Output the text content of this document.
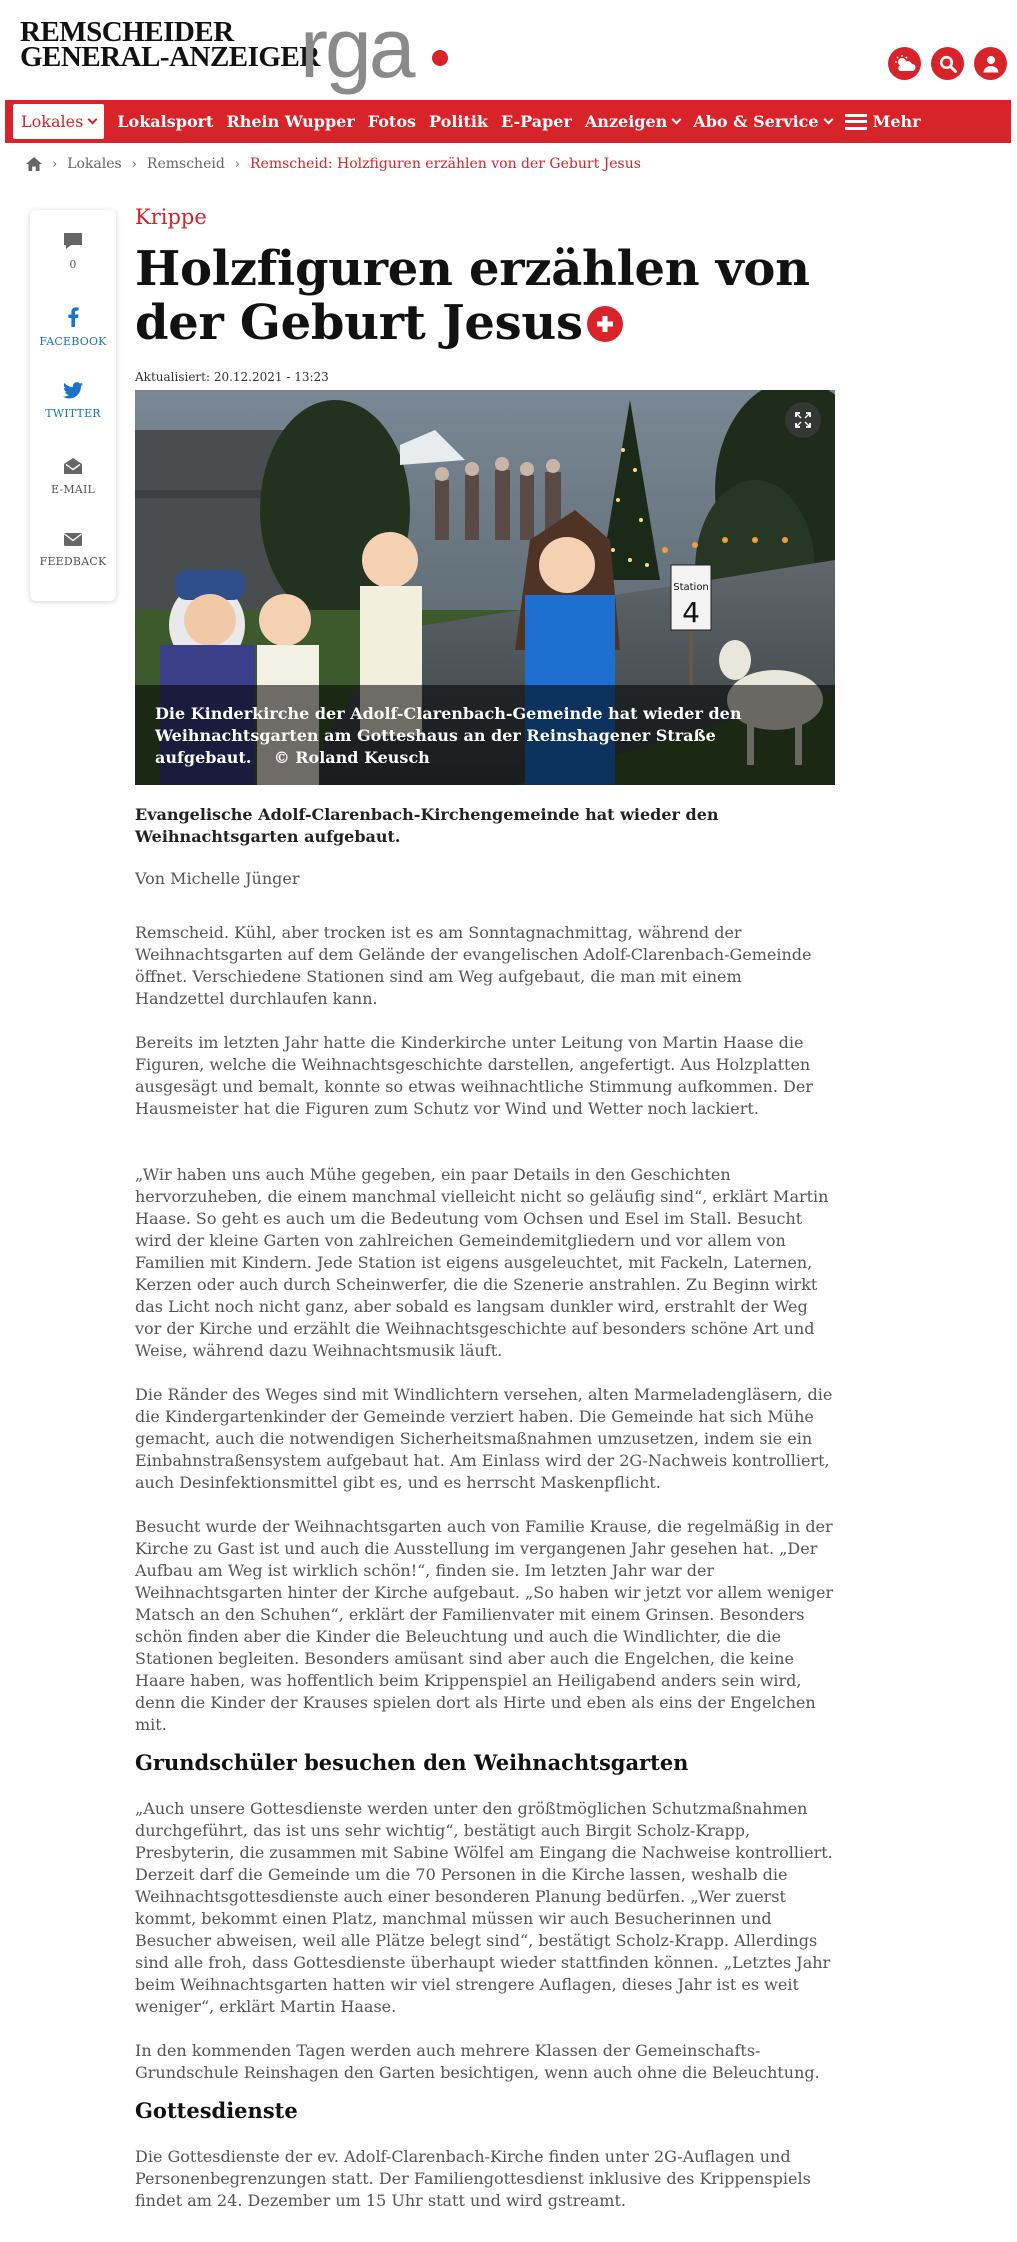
REMSCHEIDER
GENERAL-ANZEIGER
rga
Lokales Lokalsport Rhein Wupper Fotos Politik E-Paper Anzeigen Abo & Service	Mehr
› Lokales › Remscheid › Remscheid: Holzfiguren erzählen von der Geburt Jesus
0
FACEBOOK
TWITTER
E-MAIL
FEEDBACK
Krippe
Holzfiguren erzählen von der Geburt Jesus
Aktualisiert: 20.12.2021 - 13:23
Station
4
Die Kinderkirche der Adolf-Clarenbach-Gemeinde hat wieder den
Weihnachtsgarten am Gotteshaus an der Reinshagener Straße
aufgebaut. © Roland Keusch

Evangelische Adolf-Clarenbach-Kirchengemeinde hat wieder den Weihnachtsgarten aufgebaut.

Von Michelle Jünger

Remscheid. Kühl, aber trocken ist es am Sonntagnachmittag, während der Weihnachtsgarten auf dem Gelände der evangelischen Adolf-Clarenbach-Gemeinde öffnet. Verschiedene Stationen sind am Weg aufgebaut, die man mit einem Handzettel durchlaufen kann.

Bereits im letzten Jahr hatte die Kinderkirche unter Leitung von Martin Haase die Figuren, welche die Weihnachtsgeschichte darstellen, angefertigt. Aus Holzplatten ausgesägt und bemalt, konnte so etwas weihnachtliche Stimmung aufkommen. Der Hausmeister hat die Figuren zum Schutz vor Wind und Wetter noch lackiert.

„Wir haben uns auch Mühe gegeben, ein paar Details in den Geschichten hervorzuheben, die einem manchmal vielleicht nicht so geläufig sind“, erklärt Martin Haase. So geht es auch um die Bedeutung vom Ochsen und Esel im Stall. Besucht wird der kleine Garten von zahlreichen Gemeindemitgliedern und vor allem von Familien mit Kindern. Jede Station ist eigens ausgeleuchtet, mit Fackeln, Laternen, Kerzen oder auch durch Scheinwerfer, die die Szenerie anstrahlen. Zu Beginn wirkt das Licht noch nicht ganz, aber sobald es langsam dunkler wird, erstrahlt der Weg vor der Kirche und erzählt die Weihnachtsgeschichte auf besonders schöne Art und Weise, während dazu Weihnachtsmusik läuft.

Die Ränder des Weges sind mit Windlichtern versehen, alten Marmeladengläsern, die die Kindergartenkinder der Gemeinde verziert haben. Die Gemeinde hat sich Mühe gemacht, auch die notwendigen Sicherheitsmaßnahmen umzusetzen, indem sie ein Einbahnstraßensystem aufgebaut hat. Am Einlass wird der 2G-Nachweis kontrolliert, auch Desinfektionsmittel gibt es, und es herrscht Maskenpflicht.

Besucht wurde der Weihnachtsgarten auch von Familie Krause, die regelmäßig in der Kirche zu Gast ist und auch die Ausstellung im vergangenen Jahr gesehen hat. „Der Aufbau am Weg ist wirklich schön!“, finden sie. Im letzten Jahr war der Weihnachtsgarten hinter der Kirche aufgebaut. „So haben wir jetzt vor allem weniger Matsch an den Schuhen“, erklärt der Familienvater mit einem Grinsen. Besonders schön finden aber die Kinder die Beleuchtung und auch die Windlichter, die die Stationen begleiten. Besonders amüsant sind aber auch die Engelchen, die keine Haare haben, was hoffentlich beim Krippenspiel an Heiligabend anders sein wird, denn die Kinder der Krauses spielen dort als Hirte und eben als eins der Engelchen mit.

Grundschüler besuchen den Weihnachtsgarten

„Auch unsere Gottesdienste werden unter den größtmöglichen Schutzmaßnahmen durchgeführt, das ist uns sehr wichtig“, bestätigt auch Birgit Scholz-Krapp, Presbyterin, die zusammen mit Sabine Wölfel am Eingang die Nachweise kontrolliert. Derzeit darf die Gemeinde um die 70 Personen in die Kirche lassen, weshalb die Weihnachtsgottesdienste auch einer besonderen Planung bedürfen. „Wer zuerst kommt, bekommt einen Platz, manchmal müssen wir auch Besucherinnen und Besucher abweisen, weil alle Plätze belegt sind“, bestätigt Scholz-Krapp. Allerdings sind alle froh, dass Gottesdienste überhaupt wieder stattfinden können. „Letztes Jahr beim Weihnachtsgarten hatten wir viel strengere Auflagen, dieses Jahr ist es weit weniger“, erklärt Martin Haase.

In den kommenden Tagen werden auch mehrere Klassen der Gemeinschafts-Grundschule Reinshagen den Garten besichtigen, wenn auch ohne die Beleuchtung.

Gottesdienste

Die Gottesdienste der ev. Adolf-Clarenbach-Kirche finden unter 2G-Auflagen und Personenbegrenzungen statt. Der Familiengottesdienst inklusive des Krippenspiels findet am 24. Dezember um 15 Uhr statt und wird gstreamt.
